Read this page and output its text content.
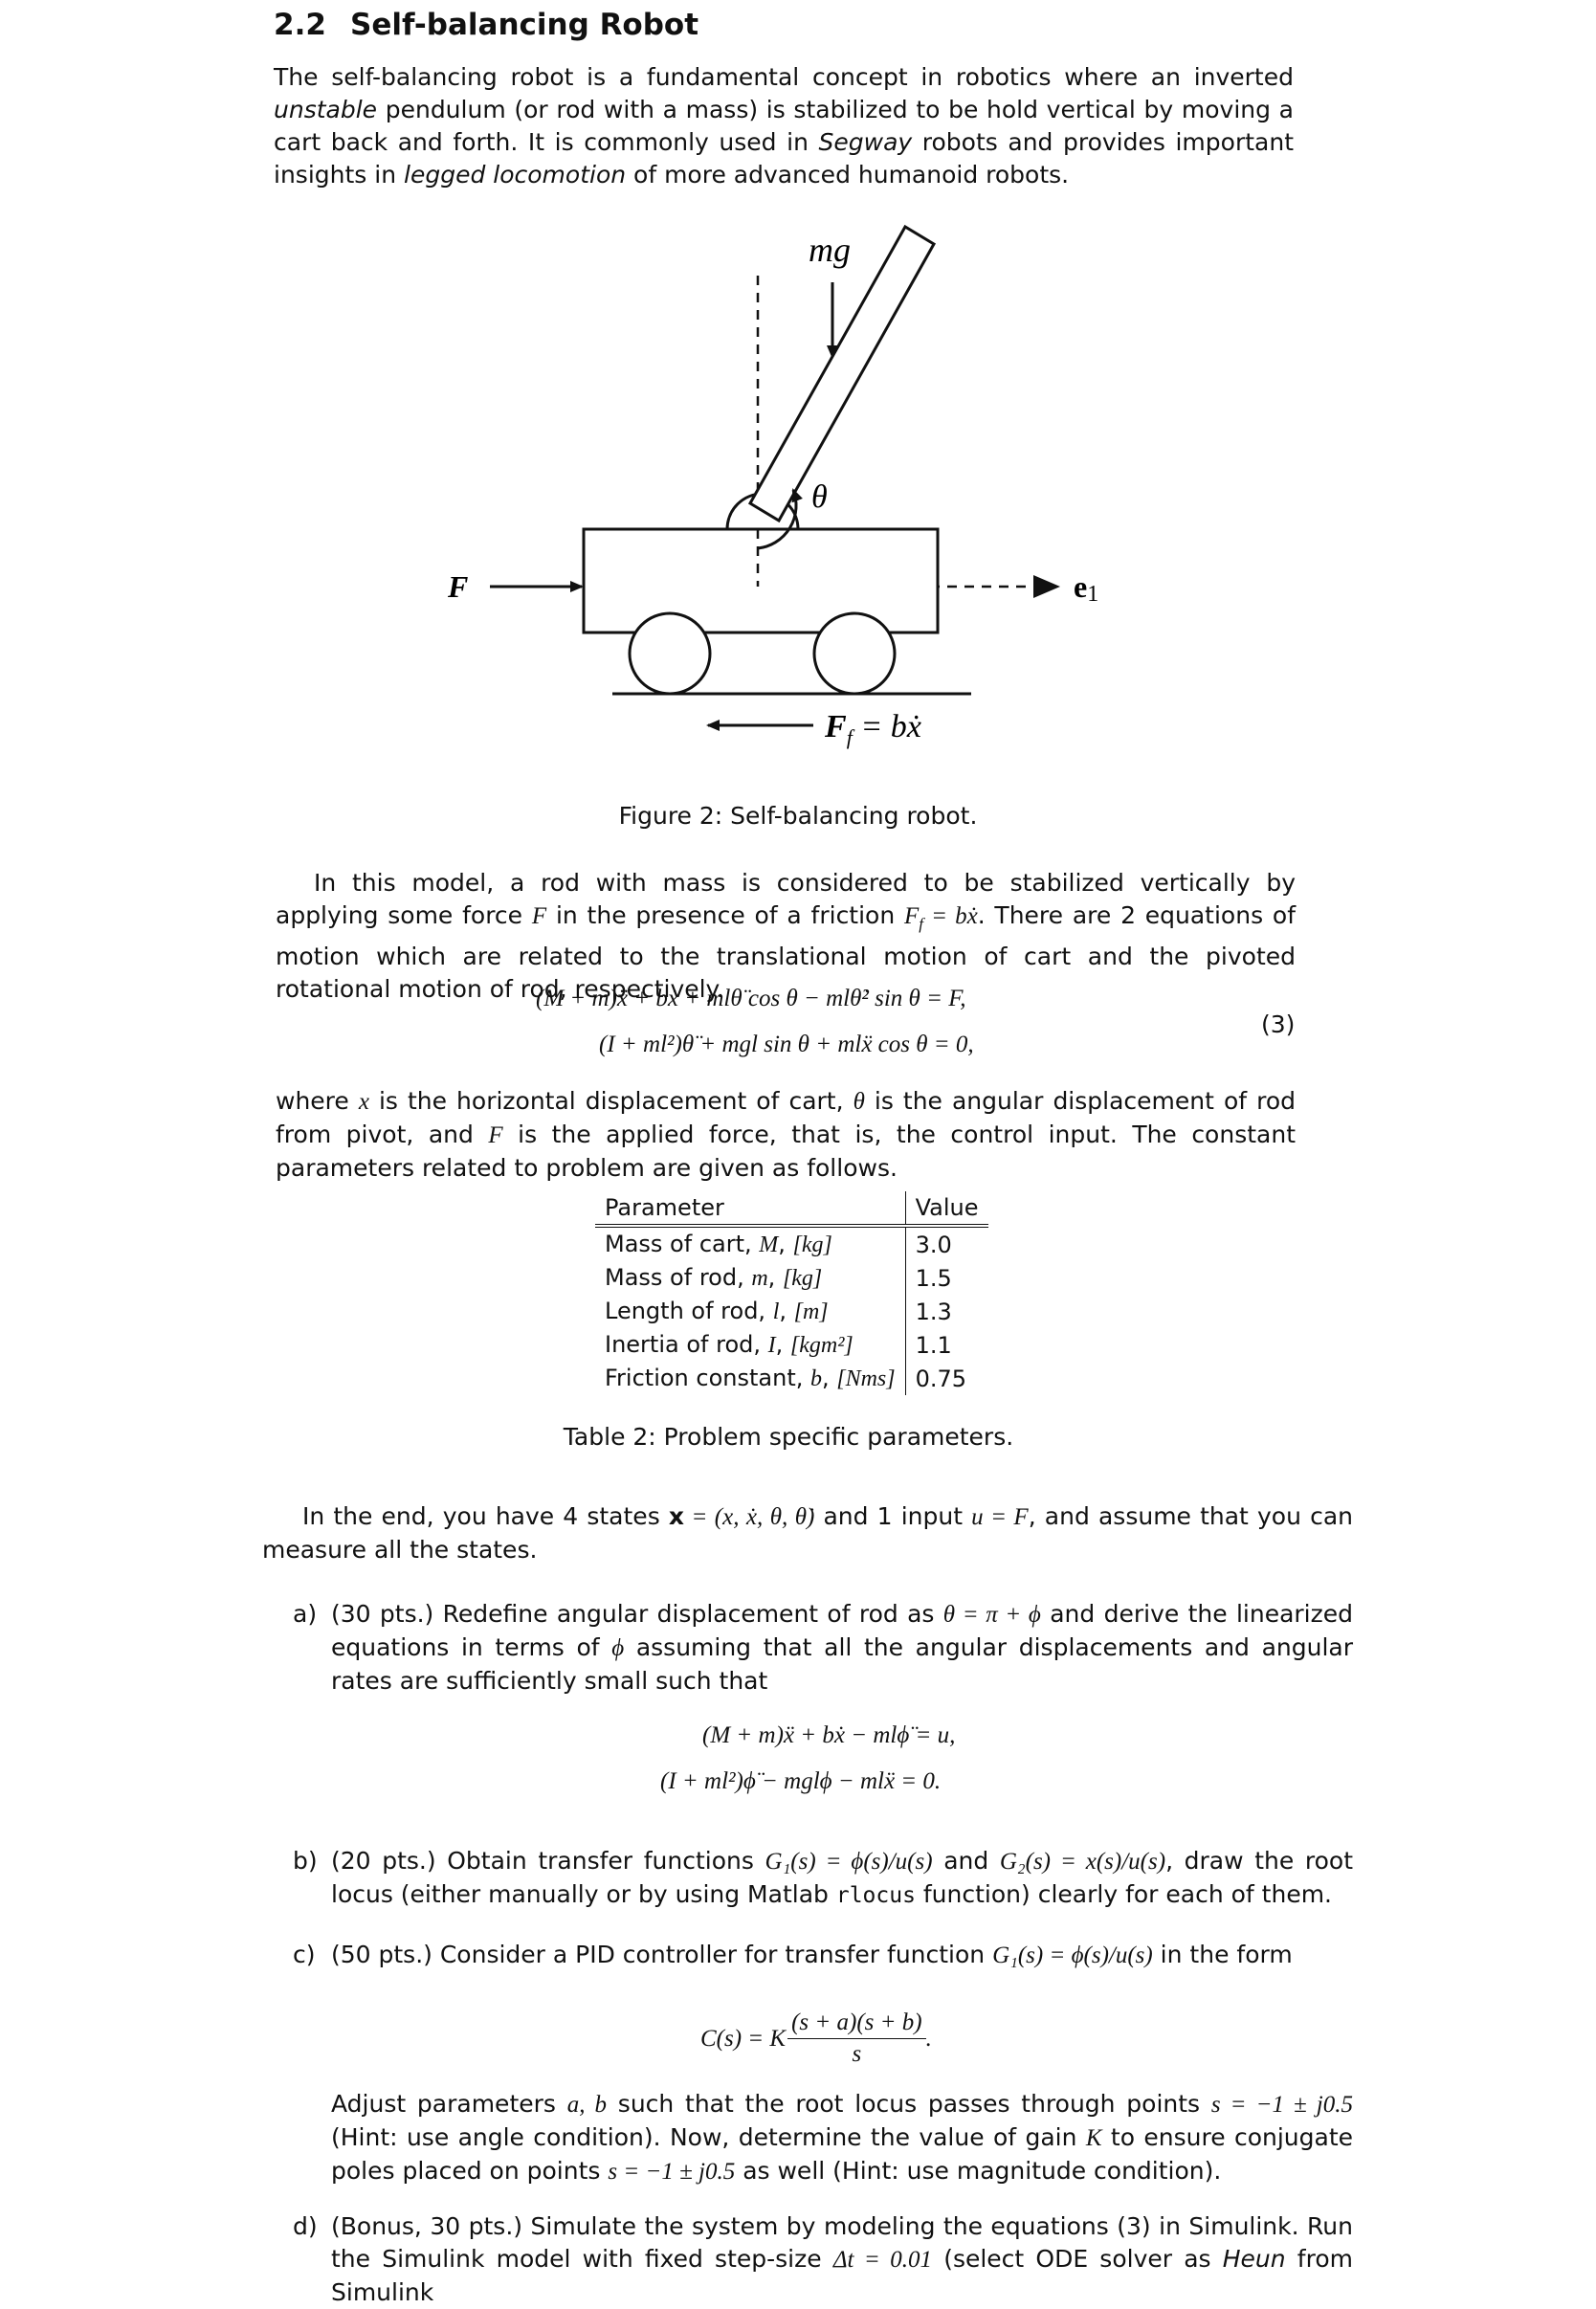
2.2 Self-balancing Robot
The self-balancing robot is a fundamental concept in robotics where an inverted unstable pendulum (or rod with a mass) is stabilized to be hold vertical by moving a cart back and forth. It is commonly used in Segway robots and provides important insights in legged locomotion of more advanced humanoid robots.
mg
θ
F	e1
$F_f$ = bẋ
Figure 2: Self-balancing robot.
In this model, a rod with mass is considered to be stabilized vertically by applying some force F in the presence of a friction $F_f$ = bẋ. There are 2 equations of motion which are related to the translational motion of cart and the pivoted rotational motion of rod, respectively.
(M + m)ẍ + bẋ + mlθ̈ cos θ − mlθ̇² sin θ = F,
(I + ml²)θ̈ + mgl sin θ + mlẍ cos θ = 0,
(3)
where x is the horizontal displacement of cart, θ is the angular displacement of rod from pivot, and F is the applied force, that is, the control input. The constant parameters related to problem are given as follows.
Parameter	Value
Mass of cart, M, [kg]	3.0
Mass of rod, m, [kg]	1.5
Length of rod, l, [m]	1.3
Inertia of rod, I, [kgm²]	1.1
Friction constant, b, [Nms]	0.75
Table 2: Problem specific parameters.
In the end, you have 4 states x = (x, ẋ, θ, θ̇) and 1 input u = F, and assume that you can measure all the states.
a) (30 pts.) Redefine angular displacement of rod as θ = π + ϕ and derive the linearized equations in terms of ϕ assuming that all the angular displacements and angular rates are sufficiently small such that
(M + m)ẍ + bẋ − mlϕ̈ = u,
(I + ml²)ϕ̈ − mglϕ − mlẍ = 0.
b) (20 pts.) Obtain transfer functions G₁(s) = ϕ(s)/u(s) and G₂(s) = x(s)/u(s), draw the root locus (either manually or by using Matlab rlocus function) clearly for each of them.
c) (50 pts.) Consider a PID controller for transfer function G₁(s) = ϕ(s)/u(s) in the form
C(s) = K $\frac{(s + a)(s + b)}{s}$ .
Adjust parameters a, b such that the root locus passes through points s = −1 ± j0.5 (Hint: use angle condition). Now, determine the value of gain K to ensure conjugate poles placed on points s = −1 ± j0.5 as well (Hint: use magnitude condition).
d) (Bonus, 30 pts.) Simulate the system by modeling the equations (3) in Simulink. Run the Simulink model with fixed step-size Δt = 0.01 (select ODE solver as Heun from Simulink
